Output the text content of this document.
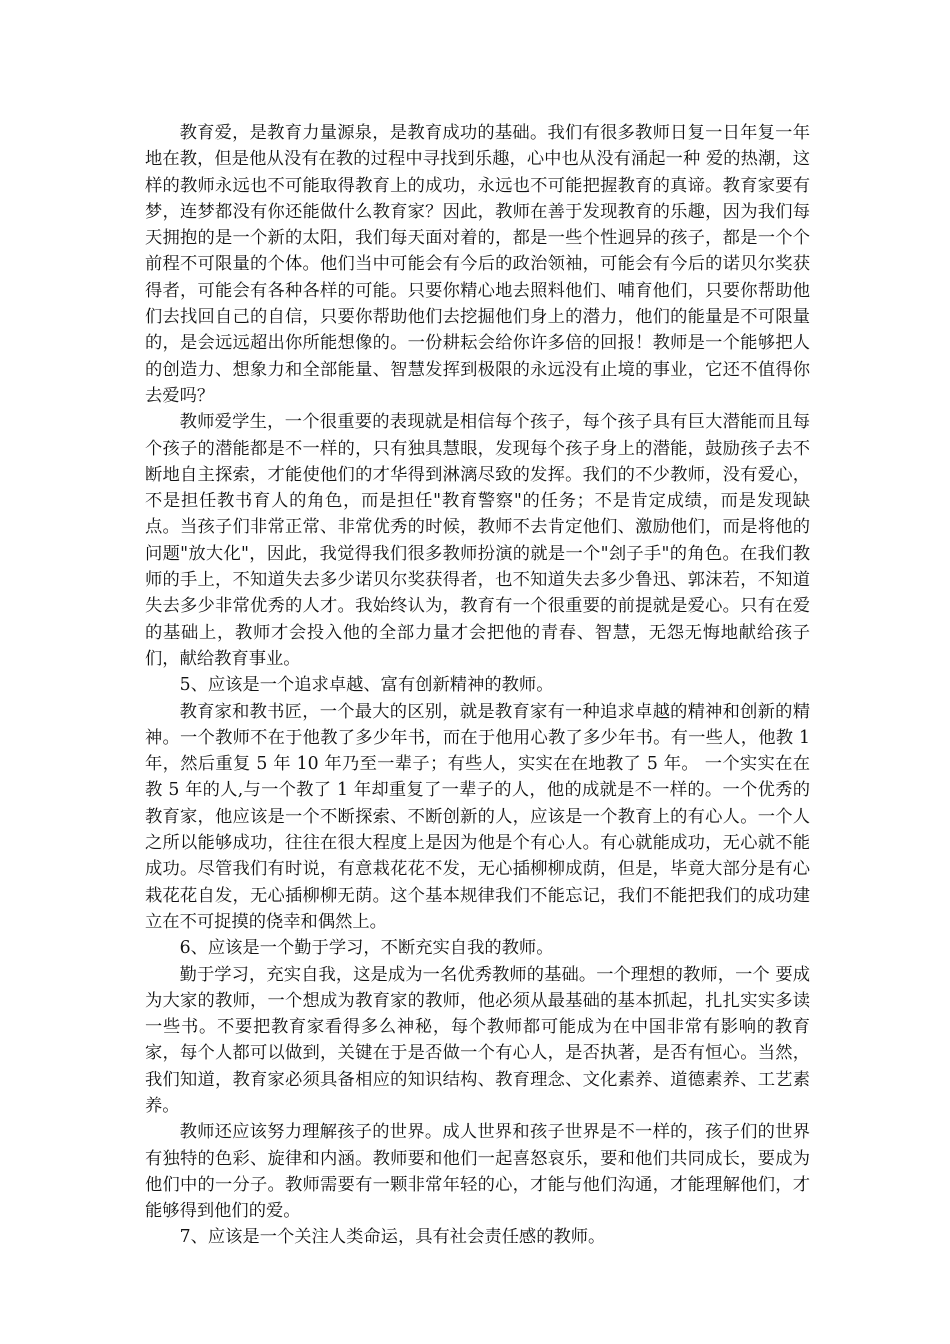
教育爱，是教育力量源泉，是教育成功的基础。我们有很多教师日复一日年复一年地在教，但是他从没有在教的过程中寻找到乐趣，心中也从没有涌起一种 爱的热潮，这样的教师永远也不可能取得教育上的成功，永远也不可能把握教育的真谛。教育家要有梦，连梦都没有你还能做什么教育家？因此，教师在善于发现教育的乐趣，因为我们每天拥抱的是一个新的太阳，我们每天面对着的，都是一些个性迥异的孩子，都是一个个前程不可限量的个体。他们当中可能会有今后的政治领袖，可能会有今后的诺贝尔奖获得者，可能会有各种各样的可能。只要你精心地去照料他们、哺育他们，只要你帮助他们去找回自己的自信，只要你帮助他们去挖掘他们身上的潜力，他们的能量是不可限量的，是会远远超出你所能想像的。一份耕耘会给你许多倍的回报！教师是一个能够把人的创造力、想象力和全部能量、智慧发挥到极限的永远没有止境的事业，它还不值得你去爱吗？

教师爱学生，一个很重要的表现就是相信每个孩子，每个孩子具有巨大潜能而且每个孩子的潜能都是不一样的，只有独具慧眼，发现每个孩子身上的潜能，鼓励孩子去不断地自主探索，才能使他们的才华得到淋漓尽致的发挥。我们的不少教师，没有爱心，不是担任教书育人的角色，而是担任"教育警察"的任务；不是肯定成绩，而是发现缺点。当孩子们非常正常、非常优秀的时候，教师不去肯定他们、激励他们，而是将他的问题"放大化"，因此，我觉得我们很多教师扮演的就是一个"刽子手"的角色。在我们教师的手上，不知道失去多少诺贝尔奖获得者，也不知道失去多少鲁迅、郭沫若，不知道失去多少非常优秀的人才。我始终认为，教育有一个很重要的前提就是爱心。只有在爱的基础上，教师才会投入他的全部力量才会把他的青春、智慧，无怨无悔地献给孩子们，献给教育事业。

5、应该是一个追求卓越、富有创新精神的教师。

教育家和教书匠，一个最大的区别，就是教育家有一种追求卓越的精神和创新的精神。一个教师不在于他教了多少年书，而在于他用心教了多少年书。有一些人，他教 1 年，然后重复 5 年 10 年乃至一辈子；有些人，实实在在地教了 5 年。 一个实实在在教 5 年的人,与一个教了 1 年却重复了一辈子的人，他的成就是不一样的。一个优秀的教育家，他应该是一个不断探索、不断创新的人，应该是一个教育上的有心人。一个人之所以能够成功，往往在很大程度上是因为他是个有心人。有心就能成功，无心就不能成功。尽管我们有时说，有意栽花花不发，无心插柳柳成荫，但是，毕竟大部分是有心栽花花自发，无心插柳柳无荫。这个基本规律我们不能忘记，我们不能把我们的成功建立在不可捉摸的侥幸和偶然上。

6、应该是一个勤于学习，不断充实自我的教师。

勤于学习，充实自我，这是成为一名优秀教师的基础。一个理想的教师，一个 要成为大家的教师，一个想成为教育家的教师，他必须从最基础的基本抓起，扎扎实实多读一些书。不要把教育家看得多么神秘，每个教师都可能成为在中国非常有影响的教育家，每个人都可以做到，关键在于是否做一个有心人，是否执著，是否有恒心。当然，我们知道，教育家必须具备相应的知识结构、教育理念、文化素养、道德素养、工艺素养。

教师还应该努力理解孩子的世界。成人世界和孩子世界是不一样的，孩子们的世界有独特的色彩、旋律和内涵。教师要和他们一起喜怒哀乐，要和他们共同成长，要成为他们中的一分子。教师需要有一颗非常年轻的心，才能与他们沟通，才能理解他们，才能够得到他们的爱。

7、应该是一个关注人类命运，具有社会责任感的教师。
